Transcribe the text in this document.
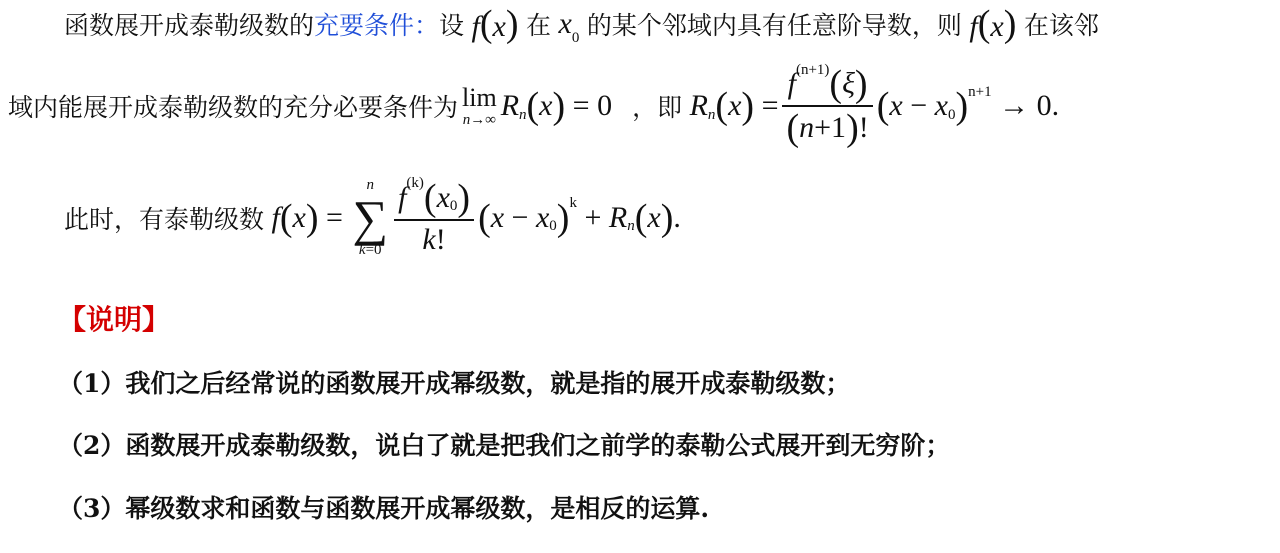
函数展开成泰勒级数的 充要条件： 设 f(x) 在 $x_0$ 的某个邻域内具有任意阶导数，则 f(x) 在该邻
域内能展开成泰勒级数的充分必要条件为 lim
n→∞ R n ( x ) = 0 ，即 R n ( x ) = $\frac{f (n+1) ( \xi )}{( n +1 ) !}$ ( x − x 0 ) n+1 → 0.
此时，有泰勒级数 f ( x ) =
n
∑
$k=0 \frac{f (k) ( x 0 )}{k !}$ ( x − x 0 ) k + R n ( x ) .
【说明】
（1）我们之后经常说的函数展开成幂级数，就是指的展开成泰勒级数；
（2）函数展开成泰勒级数，说白了就是把我们之前学的泰勒公式展开到无穷阶；
（3）幂级数求和函数与函数展开成幂级数，是相反的运算.
